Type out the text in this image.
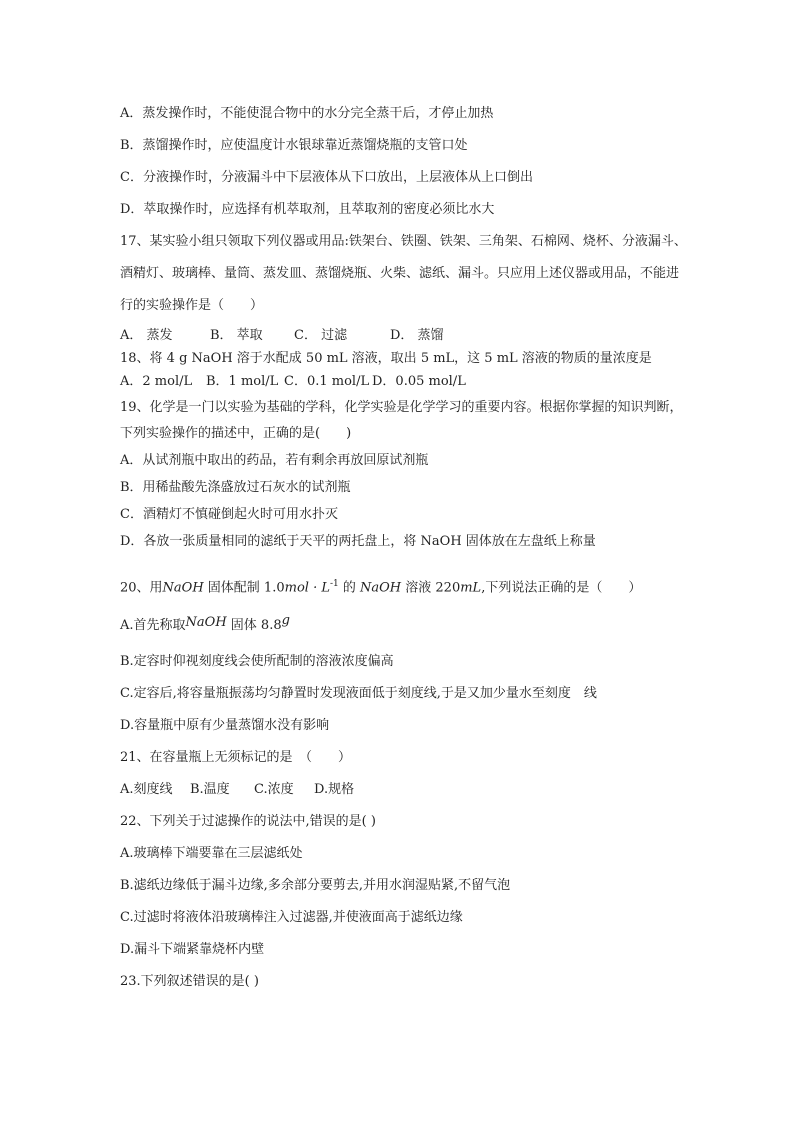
A．蒸发操作时，不能使混合物中的水分完全蒸干后，才停止加热

B．蒸馏操作时，应使温度计水银球靠近蒸馏烧瓶的支管口处

C．分液操作时，分液漏斗中下层液体从下口放出，上层液体从上口倒出

D．萃取操作时，应选择有机萃取剂，且萃取剂的密度必须比水大

17、某实验小组只领取下列仪器或用品:铁架台、铁圈、铁架、三角架、石棉网、烧杯、分液漏斗、

酒精灯、玻璃棒、量筒、蒸发皿、蒸馏烧瓶、火柴、滤纸、漏斗。只应用上述仪器或用品，不能进

行的实验操作是（　　）

A． 蒸发	B． 萃取 C． 过滤	D． 蒸馏

18、将 4 g NaOH 溶于水配成 50 mL 溶液，取出 5 mL，这 5 mL 溶液的物质的量浓度是

A．2 mol/L B．1 mol/L C．0.1 mol/L D．0.05 mol/L

19、化学是一门以实验为基础的学科，化学实验是化学学习的重要内容。根据你掌握的知识判断，

下列实验操作的描述中，正确的是(　　)

A．从试剂瓶中取出的药品，若有剩余再放回原试剂瓶

B．用稀盐酸先涤盛放过石灰水的试剂瓶

C．酒精灯不慎碰倒起火时可用水扑灭

D．各放一张质量相同的滤纸于天平的两托盘上，将 NaOH 固体放在左盘纸上称量

20、用NaOH 固体配制 $1.0mol \cdot L^{-1}$ 的 NaOH 溶液 220mL,下列说法正确的是（　　）

A.首先称取NaOH 固体 8.8g

B.定容时仰视刻度线会使所配制的溶液浓度偏高

C.定容后,将容量瓶振荡均匀静置时发现液面低于刻度线,于是又加少量水至刻度　线

D.容量瓶中原有少量蒸馏水没有影响

21、在容量瓶上无须标记的是　（　　）

A.刻度线 B.温度 C.浓度 D.规格

22、下列关于过滤操作的说法中,错误的是( )

A.玻璃棒下端要靠在三层滤纸处

B.滤纸边缘低于漏斗边缘,多余部分要剪去,并用水润湿贴紧,不留气泡

C.过滤时将液体沿玻璃棒注入过滤器,并使液面高于滤纸边缘

D.漏斗下端紧靠烧杯内壁

23.下列叙述错误的是( )
